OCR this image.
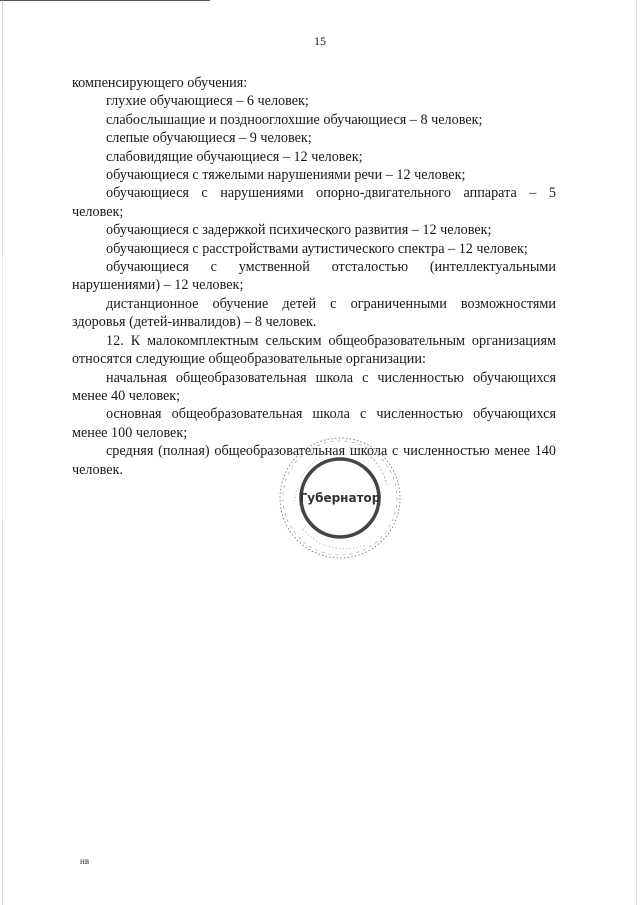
15

компенсирующего обучения:

глухие обучающиеся – 6 человек;

слабослышащие и позднооглохшие обучающиеся – 8 человек;

слепые обучающиеся – 9 человек;

слабовидящие обучающиеся – 12 человек;

обучающиеся с тяжелыми нарушениями речи – 12 человек;

обучающиеся с нарушениями опорно-двигательного аппарата – 5 человек;

обучающиеся с задержкой психического развития – 12 человек;

обучающиеся с расстройствами аутистического спектра – 12 человек;

обучающиеся с умственной отсталостью (интеллектуальными нарушениями) – 12 человек;

дистанционное обучение детей с ограниченными возможностями здоровья (детей-инвалидов) – 8 человек.

12. К малокомплектным сельским общеобразовательным организациям относятся следующие общеобразовательные организации:

начальная общеобразовательная школа с численностью обучающихся менее 40 человек;

основная общеобразовательная школа с численностью обучающихся менее 100 человек;

средняя (полная) общеобразовательная школа с численностью менее 140 человек.

Губернатор
нв
